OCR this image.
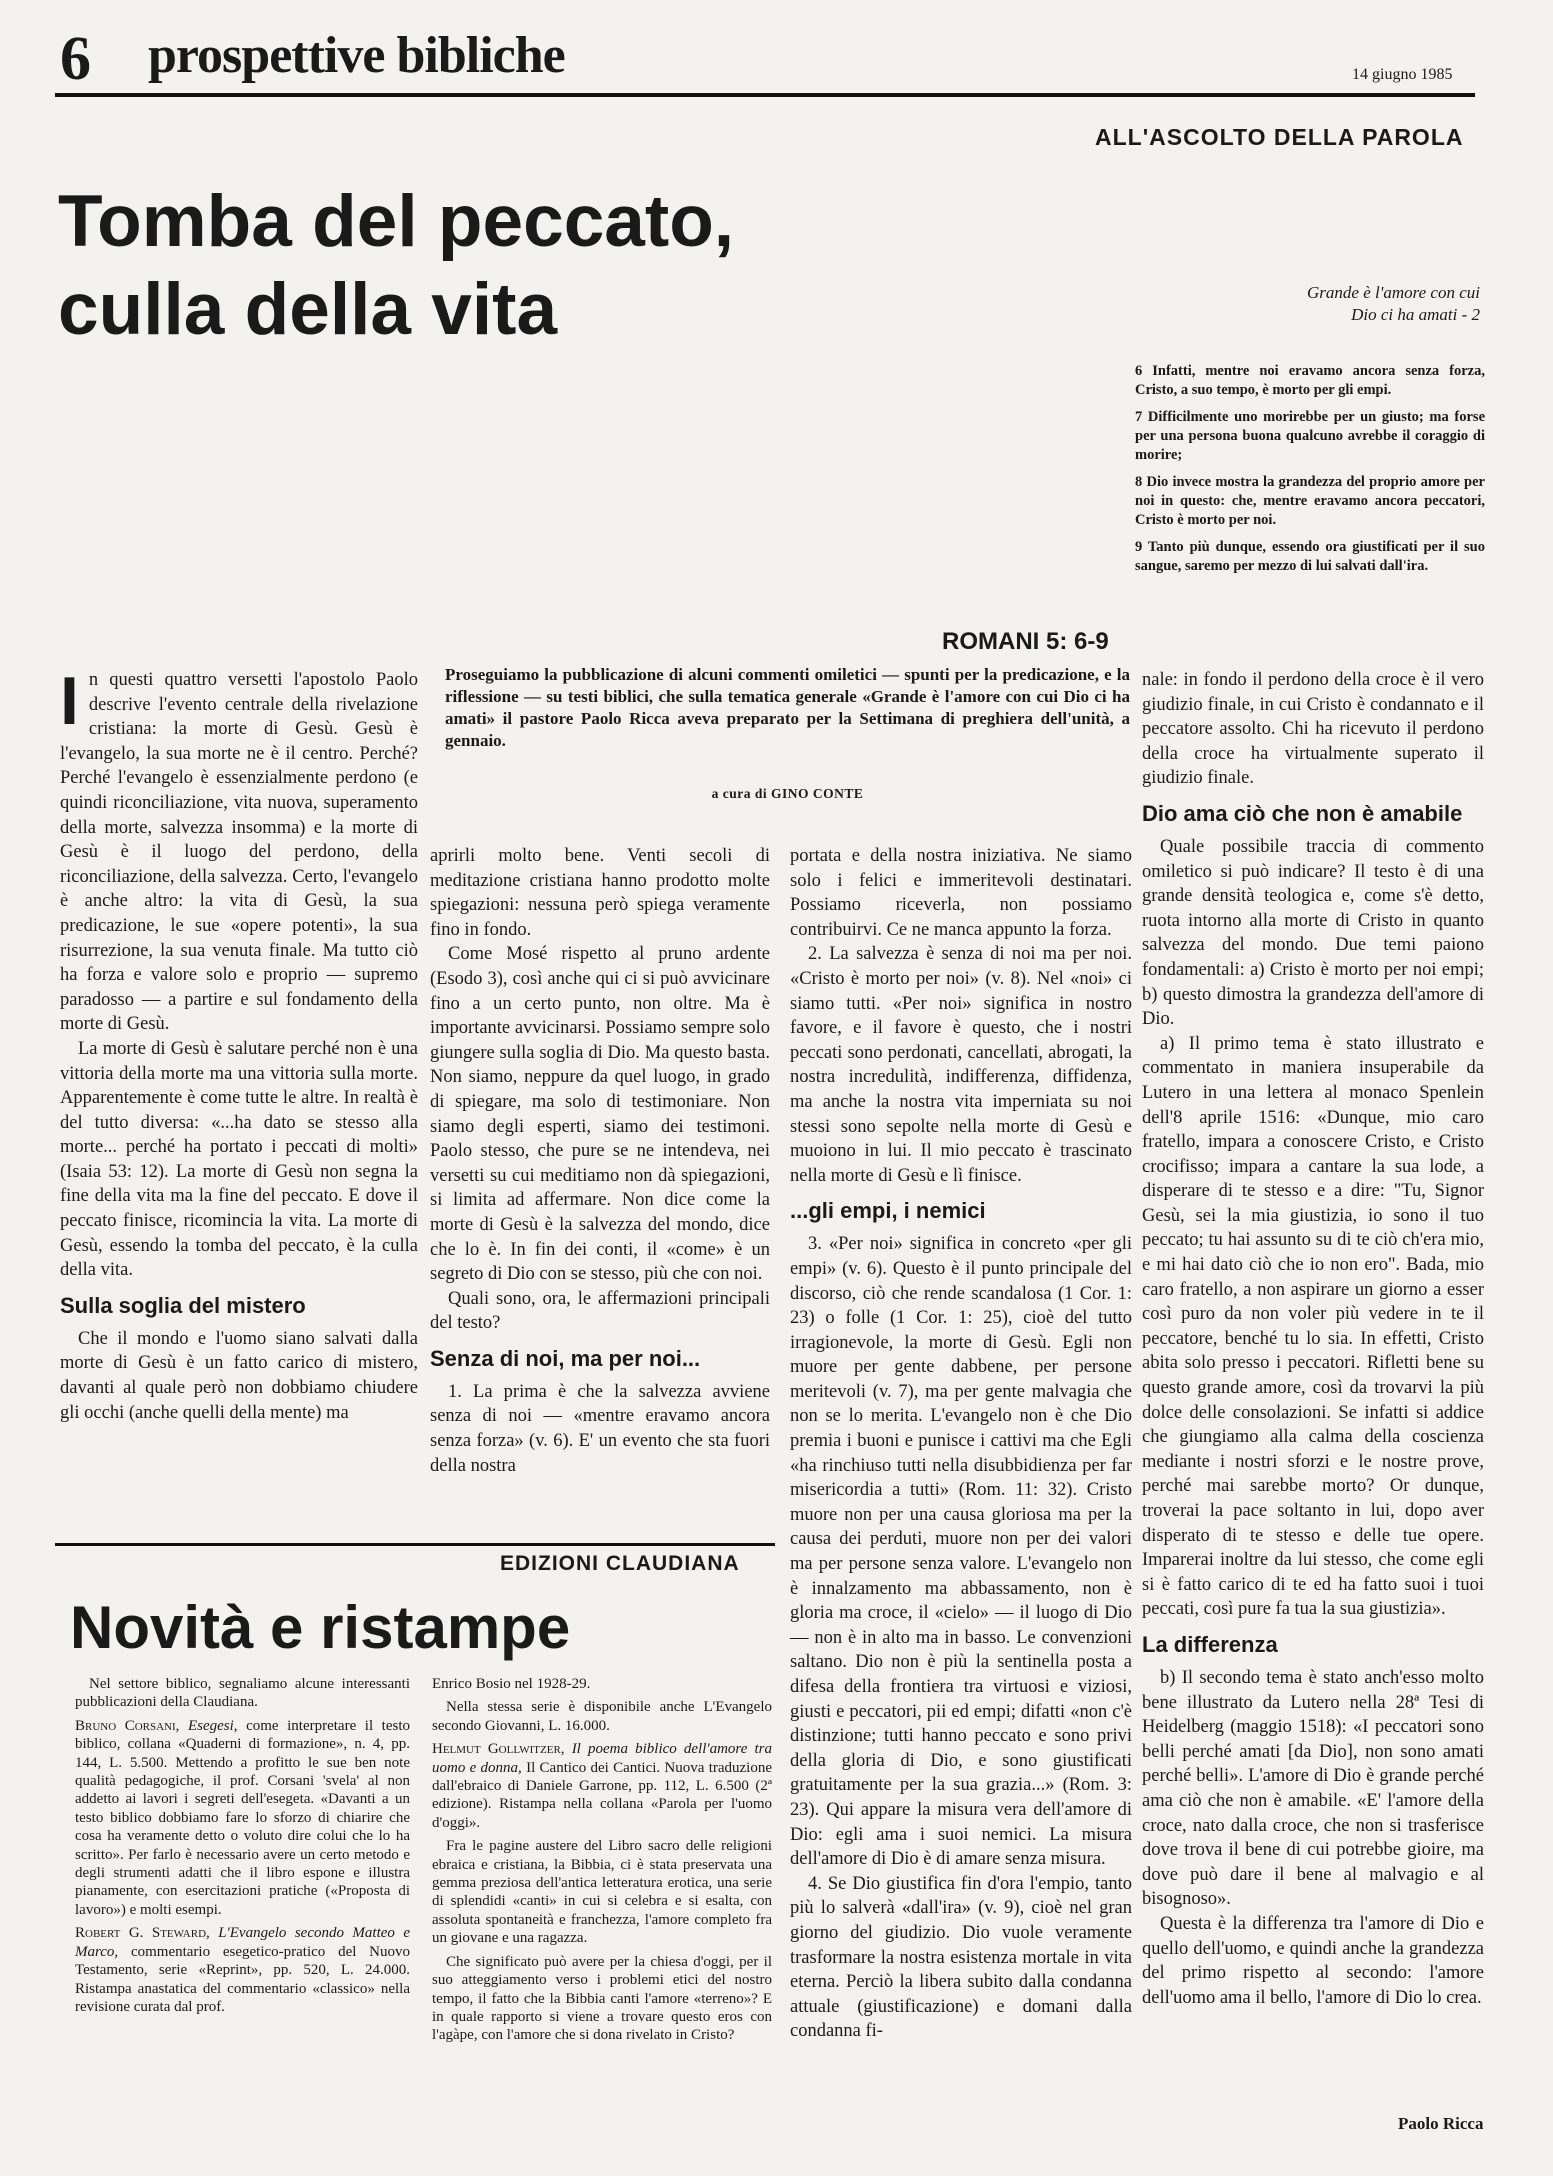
6 prospettive bibliche	14 giugno 1985
ALL'ASCOLTO DELLA PAROLA
Tomba del peccato,
culla della vita	Grande è l'amore con cui
Dio ci ha amati - 2

6 Infatti, mentre noi eravamo ancora senza forza, Cristo, a suo tempo, è morto per gli empi.

7 Difficilmente uno morirebbe per un giusto; ma forse per una persona buona qualcuno avrebbe il coraggio di morire;

8 Dio invece mostra la grandezza del proprio amore per noi in questo: che, mentre eravamo ancora peccatori, Cristo è morto per noi.

9 Tanto più dunque, essendo ora giustificati per il suo sangue, saremo per mezzo di lui salvati dall'ira.

ROMANI 5: 6-9
Proseguiamo la pubblicazione di alcuni commenti omiletici — spunti per la predicazione, e la riflessione — su testi biblici, che sulla tematica generale «Grande è l'amore con cui Dio ci ha amati» il pastore Paolo Ricca aveva preparato per la Settimana di preghiera dell'unità, a gennaio.
a cura di GINO CONTE

In questi quattro versetti l'apostolo Paolo descrive l'evento centrale della rivelazione cristiana: la morte di Gesù. Gesù è l'evangelo, la sua morte ne è il centro. Perché? Perché l'evangelo è essenzialmente perdono (e quindi riconciliazione, vita nuova, superamento della morte, salvezza insomma) e la morte di Gesù è il luogo del perdono, della riconciliazione, della salvezza. Certo, l'evangelo è anche altro: la vita di Gesù, la sua predicazione, le sue «opere potenti», la sua risurrezione, la sua venuta finale. Ma tutto ciò ha forza e valore solo e proprio — supremo paradosso — a partire e sul fondamento della morte di Gesù.

La morte di Gesù è salutare perché non è una vittoria della morte ma una vittoria sulla morte. Apparentemente è come tutte le altre. In realtà è del tutto diversa: «...ha dato se stesso alla morte... perché ha portato i peccati di molti» (Isaia 53: 12). La morte di Gesù non segna la fine della vita ma la fine del peccato. E dove il peccato finisce, ricomincia la vita. La morte di Gesù, essendo la tomba del peccato, è la culla della vita.

Sulla soglia del mistero

Che il mondo e l'uomo siano salvati dalla morte di Gesù è un fatto carico di mistero, davanti al quale però non dobbiamo chiudere gli occhi (anche quelli della mente) ma

aprirli molto bene. Venti secoli di meditazione cristiana hanno prodotto molte spiegazioni: nessuna però spiega veramente fino in fondo.

Come Mosé rispetto al pruno ardente (Esodo 3), così anche qui ci si può avvicinare fino a un certo punto, non oltre. Ma è importante avvicinarsi. Possiamo sempre solo giungere sulla soglia di Dio. Ma questo basta. Non siamo, neppure da quel luogo, in grado di spiegare, ma solo di testimoniare. Non siamo degli esperti, siamo dei testimoni. Paolo stesso, che pure se ne intendeva, nei versetti su cui meditiamo non dà spiegazioni, si limita ad affermare. Non dice come la morte di Gesù è la salvezza del mondo, dice che lo è. In fin dei conti, il «come» è un segreto di Dio con se stesso, più che con noi.

Quali sono, ora, le affermazioni principali del testo?

Senza di noi, ma per noi...

1. La prima è che la salvezza avviene senza di noi — «mentre eravamo ancora senza forza» (v. 6). E' un evento che sta fuori della nostra

portata e della nostra iniziativa. Ne siamo solo i felici e immeritevoli destinatari. Possiamo riceverla, non possiamo contribuirvi. Ce ne manca appunto la forza.

2. La salvezza è senza di noi ma per noi. «Cristo è morto per noi» (v. 8). Nel «noi» ci siamo tutti. «Per noi» significa in nostro favore, e il favore è questo, che i nostri peccati sono perdonati, cancellati, abrogati, la nostra incredulità, indifferenza, diffidenza, ma anche la nostra vita imperniata su noi stessi sono sepolte nella morte di Gesù e muoiono in lui. Il mio peccato è trascinato nella morte di Gesù e lì finisce.

...gli empi, i nemici

3. «Per noi» significa in concreto «per gli empi» (v. 6). Questo è il punto principale del discorso, ciò che rende scandalosa (1 Cor. 1: 23) o folle (1 Cor. 1: 25), cioè del tutto irragionevole, la morte di Gesù. Egli non muore per gente dabbene, per persone meritevoli (v. 7), ma per gente malvagia che non se lo merita. L'evangelo non è che Dio premia i buoni e punisce i cattivi ma che Egli «ha rinchiuso tutti nella disubbidienza per far misericordia a tutti» (Rom. 11: 32). Cristo muore non per una causa gloriosa ma per la causa dei perduti, muore non per dei valori ma per persone senza valore. L'evangelo non è innalzamento ma abbassamento, non è gloria ma croce, il «cielo» — il luogo di Dio — non è in alto ma in basso. Le convenzioni saltano. Dio non è più la sentinella posta a difesa della frontiera tra virtuosi e viziosi, giusti e peccatori, pii ed empi; difatti «non c'è distinzione; tutti hanno peccato e sono privi della gloria di Dio, e sono giustificati gratuitamente per la sua grazia...» (Rom. 3: 23). Qui appare la misura vera dell'amore di Dio: egli ama i suoi nemici. La misura dell'amore di Dio è di amare senza misura.

4. Se Dio giustifica fin d'ora l'empio, tanto più lo salverà «dall'ira» (v. 9), cioè nel gran giorno del giudizio. Dio vuole veramente trasformare la nostra esistenza mortale in vita eterna. Perciò la libera subito dalla condanna attuale (giustificazione) e domani dalla condanna fi-

nale: in fondo il perdono della croce è il vero giudizio finale, in cui Cristo è condannato e il peccatore assolto. Chi ha ricevuto il perdono della croce ha virtualmente superato il giudizio finale.

Dio ama ciò che non è amabile

Quale possibile traccia di commento omiletico si può indicare? Il testo è di una grande densità teologica e, come s'è detto, ruota intorno alla morte di Cristo in quanto salvezza del mondo. Due temi paiono fondamentali: a) Cristo è morto per noi empi; b) questo dimostra la grandezza dell'amore di Dio.

a) Il primo tema è stato illustrato e commentato in maniera insuperabile da Lutero in una lettera al monaco Spenlein dell'8 aprile 1516: «Dunque, mio caro fratello, impara a conoscere Cristo, e Cristo crocifisso; impara a cantare la sua lode, a disperare di te stesso e a dire: "Tu, Signor Gesù, sei la mia giustizia, io sono il tuo peccato; tu hai assunto su di te ciò ch'era mio, e mi hai dato ciò che io non ero". Bada, mio caro fratello, a non aspirare un giorno a esser così puro da non voler più vedere in te il peccatore, benché tu lo sia. In effetti, Cristo abita solo presso i peccatori. Rifletti bene su questo grande amore, così da trovarvi la più dolce delle consolazioni. Se infatti si addice che giungiamo alla calma della coscienza mediante i nostri sforzi e le nostre prove, perché mai sarebbe morto? Or dunque, troverai la pace soltanto in lui, dopo aver disperato di te stesso e delle tue opere. Imparerai inoltre da lui stesso, che come egli si è fatto carico di te ed ha fatto suoi i tuoi peccati, così pure fa tua la sua giustizia».

La differenza

b) Il secondo tema è stato anch'esso molto bene illustrato da Lutero nella 28ª Tesi di Heidelberg (maggio 1518): «I peccatori sono belli perché amati [da Dio], non sono amati perché belli». L'amore di Dio è grande perché ama ciò che non è amabile. «E' l'amore della croce, nato dalla croce, che non si trasferisce dove trova il bene di cui potrebbe gioire, ma dove può dare il bene al malvagio e al bisognoso».

Questa è la differenza tra l'amore di Dio e quello dell'uomo, e quindi anche la grandezza del primo rispetto al secondo: l'amore dell'uomo ama il bello, l'amore di Dio lo crea.

Paolo Ricca
EDIZIONI CLAUDIANA
Novità e ristampe

Nel settore biblico, segnaliamo alcune interessanti pubblicazioni della Claudiana.

Bruno Corsani, Esegesi, come interpretare il testo biblico, collana «Quaderni di formazione», n. 4, pp. 144, L. 5.500. Mettendo a profitto le sue ben note qualità pedagogiche, il prof. Corsani 'svela' al non addetto ai lavori i segreti dell'esegeta. «Davanti a un testo biblico dobbiamo fare lo sforzo di chiarire che cosa ha veramente detto o voluto dire colui che lo ha scritto». Per farlo è necessario avere un certo metodo e degli strumenti adatti che il libro espone e illustra pianamente, con esercitazioni pratiche («Proposta di lavoro») e molti esempi.

Robert G. Steward, L'Evangelo secondo Matteo e Marco, commentario esegetico-pratico del Nuovo Testamento, serie «Reprint», pp. 520, L. 24.000. Ristampa anastatica del commentario «classico» nella revisione curata dal prof.

Enrico Bosio nel 1928-29.

Nella stessa serie è disponibile anche L'Evangelo secondo Giovanni, L. 16.000.

Helmut Gollwitzer, Il poema biblico dell'amore tra uomo e donna, Il Cantico dei Cantici. Nuova traduzione dall'ebraico di Daniele Garrone, pp. 112, L. 6.500 (2ª edizione). Ristampa nella collana «Parola per l'uomo d'oggi».

Fra le pagine austere del Libro sacro delle religioni ebraica e cristiana, la Bibbia, ci è stata preservata una gemma preziosa dell'antica letteratura erotica, una serie di splendidi «canti» in cui si celebra e si esalta, con assoluta spontaneità e franchezza, l'amore completo fra un giovane e una ragazza.

Che significato può avere per la chiesa d'oggi, per il suo atteggiamento verso i problemi etici del nostro tempo, il fatto che la Bibbia canti l'amore «terreno»? E in quale rapporto si viene a trovare questo eros con l'agàpe, con l'amore che si dona rivelato in Cristo?
